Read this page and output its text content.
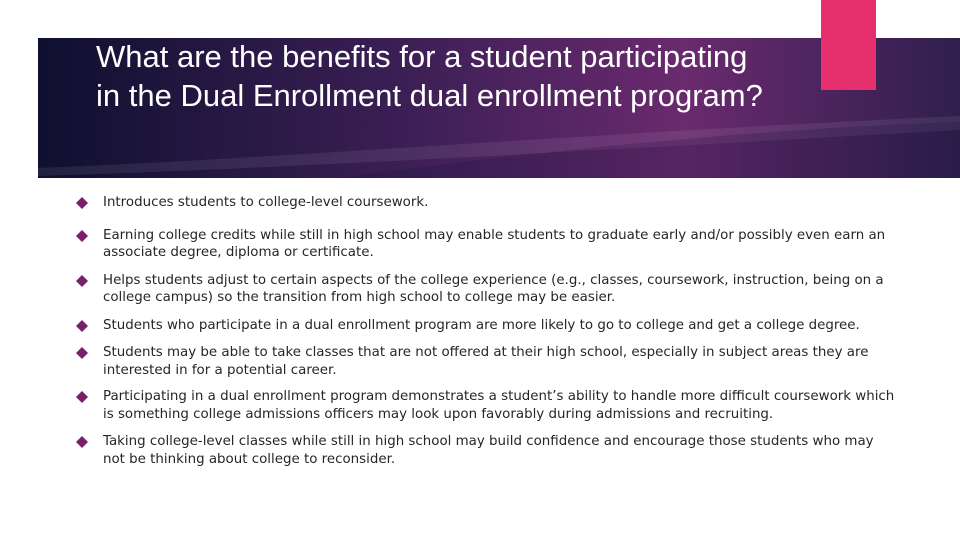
What are the benefits for a student participating in the Dual Enrollment dual enrollment program?
Introduces students to college-level coursework.
Earning college credits while still in high school may enable students to graduate early and/or possibly even earn an associate degree, diploma or certificate.
Helps students adjust to certain aspects of the college experience (e.g., classes, coursework, instruction, being on a college campus) so the transition from high school to college may be easier.
Students who participate in a dual enrollment program are more likely to go to college and get a college degree.
Students may be able to take classes that are not offered at their high school, especially in subject areas they are interested in for a potential career.
Participating in a dual enrollment program demonstrates a student’s ability to handle more difficult coursework which is something college admissions officers may look upon favorably during admissions and recruiting.
Taking college-level classes while still in high school may build confidence and encourage those students who may not be thinking about college to reconsider.
